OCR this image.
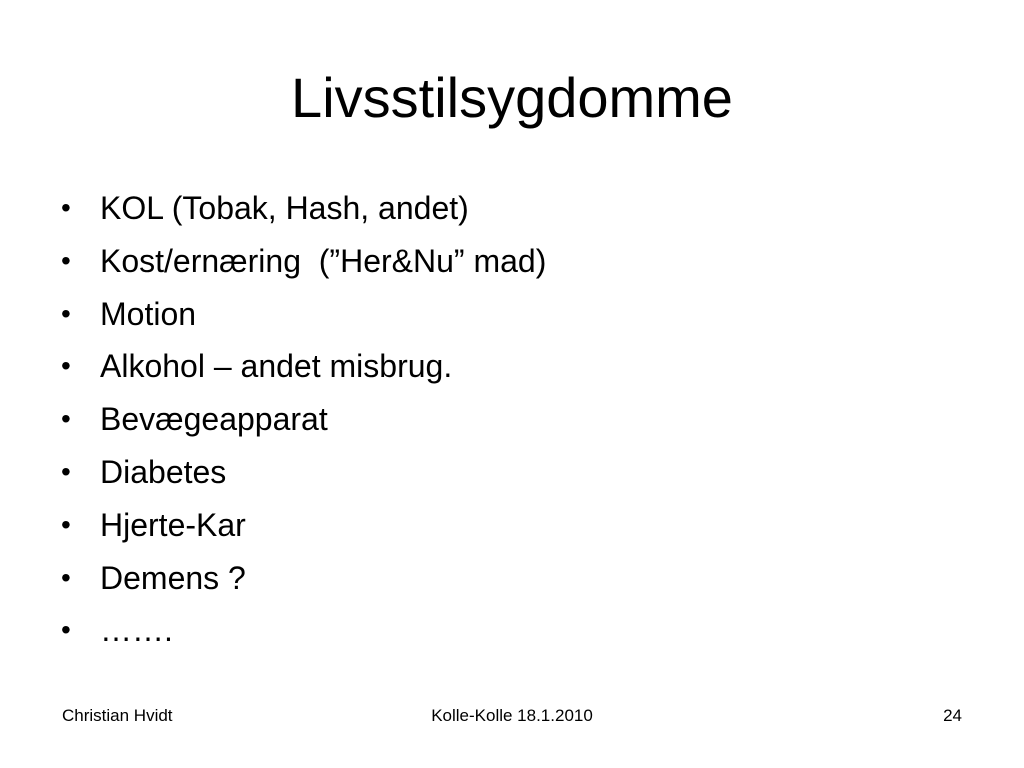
Livsstilsygdomme
• KOL (Tobak, Hash, andet)
• Kost/ernæring  (”Her&Nu” mad)
• Motion
• Alkohol – andet misbrug.
• Bevægeapparat
• Diabetes
• Hjerte-Kar
• Demens ?
• …….
Christian Hvidt	Kolle-Kolle 18.1.2010	24
